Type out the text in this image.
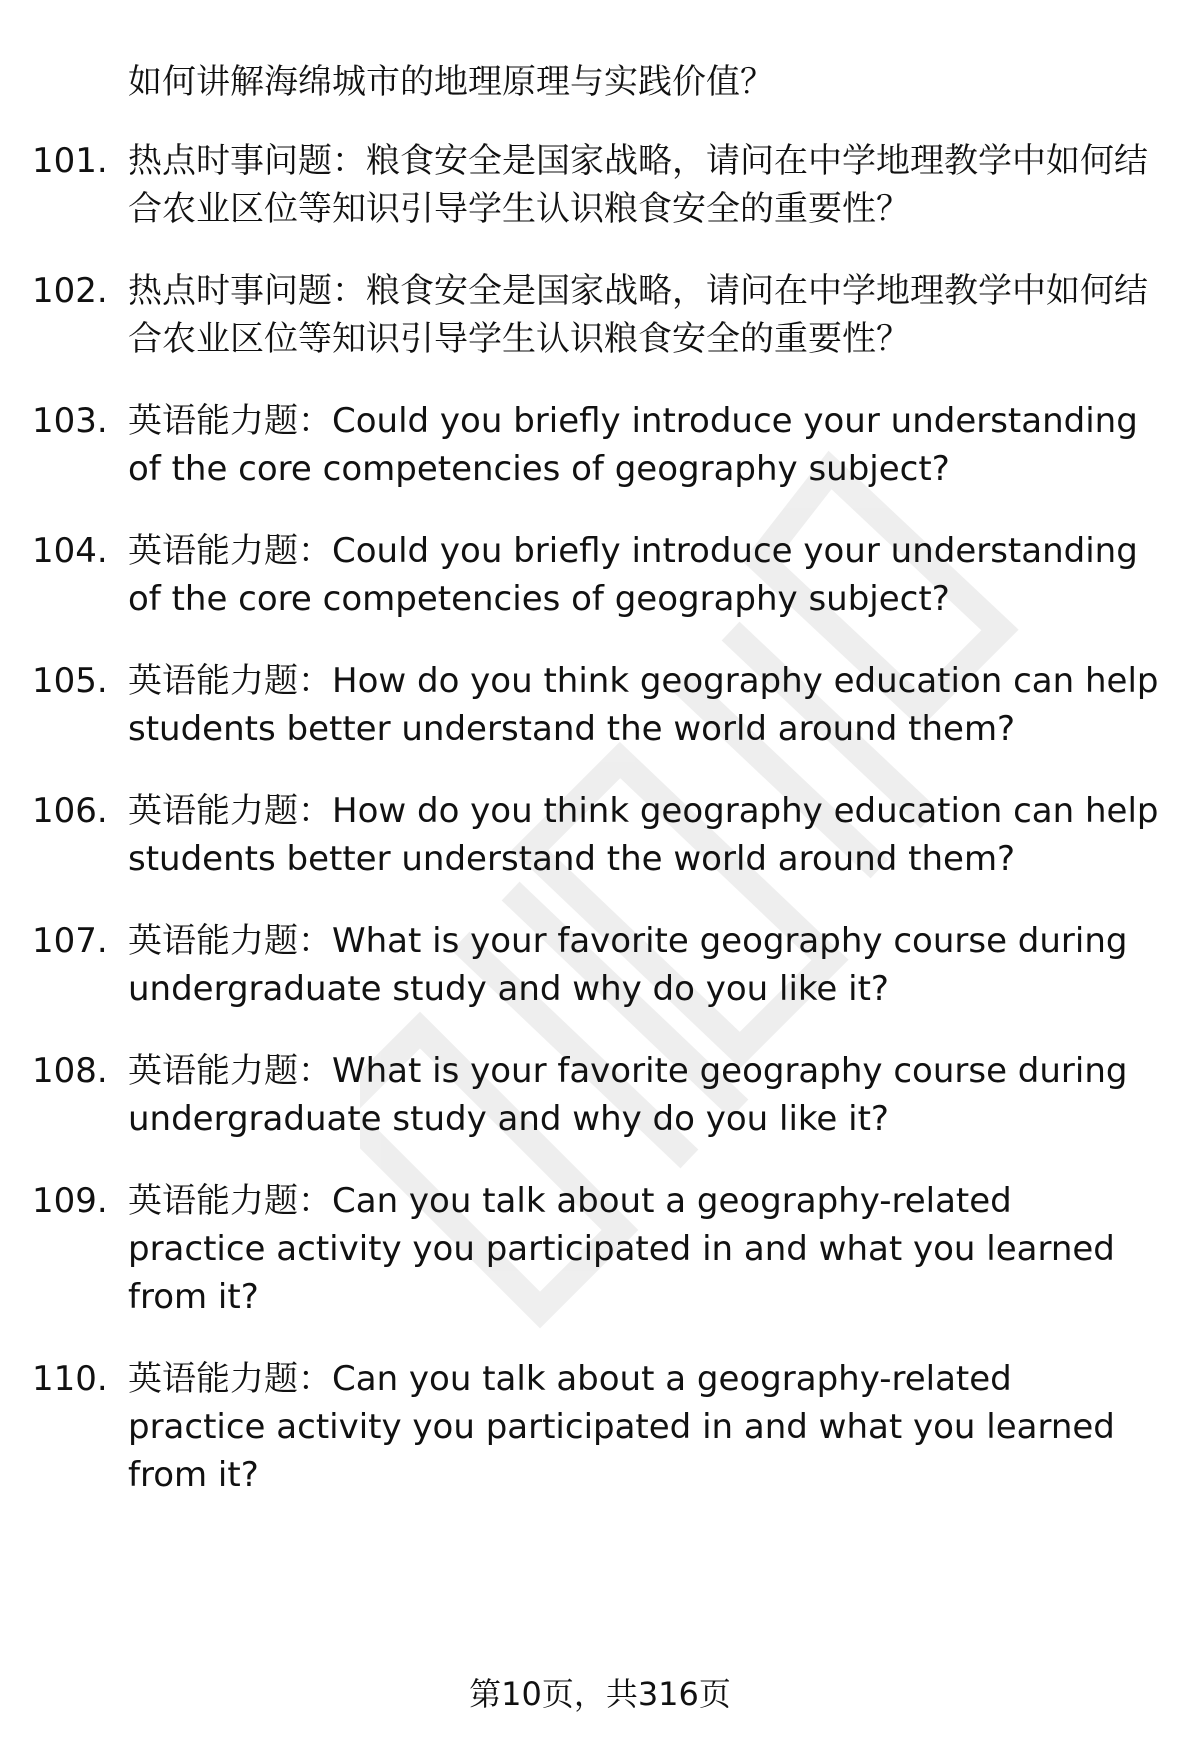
如何讲解海绵城市的地理原理与实践价值？
101. 热点时事问题：粮食安全是国家战略，请问在中学地理教学中如何结合农业区位等知识引导学生认识粮食安全的重要性？
102. 热点时事问题：粮食安全是国家战略，请问在中学地理教学中如何结合农业区位等知识引导学生认识粮食安全的重要性？
103. 英语能力题：Could you briefly introduce your understanding of the core competencies of geography subject?
104. 英语能力题：Could you briefly introduce your understanding of the core competencies of geography subject?
105. 英语能力题：How do you think geography education can help students better understand the world around them?
106. 英语能力题：How do you think geography education can help students better understand the world around them?
107. 英语能力题：What is your favorite geography course during undergraduate study and why do you like it?
108. 英语能力题：What is your favorite geography course during undergraduate study and why do you like it?
109. 英语能力题：Can you talk about a geography-related practice activity you participated in and what you learned from it?
110. 英语能力题：Can you talk about a geography-related practice activity you participated in and what you learned from it?
第10页，共316页
